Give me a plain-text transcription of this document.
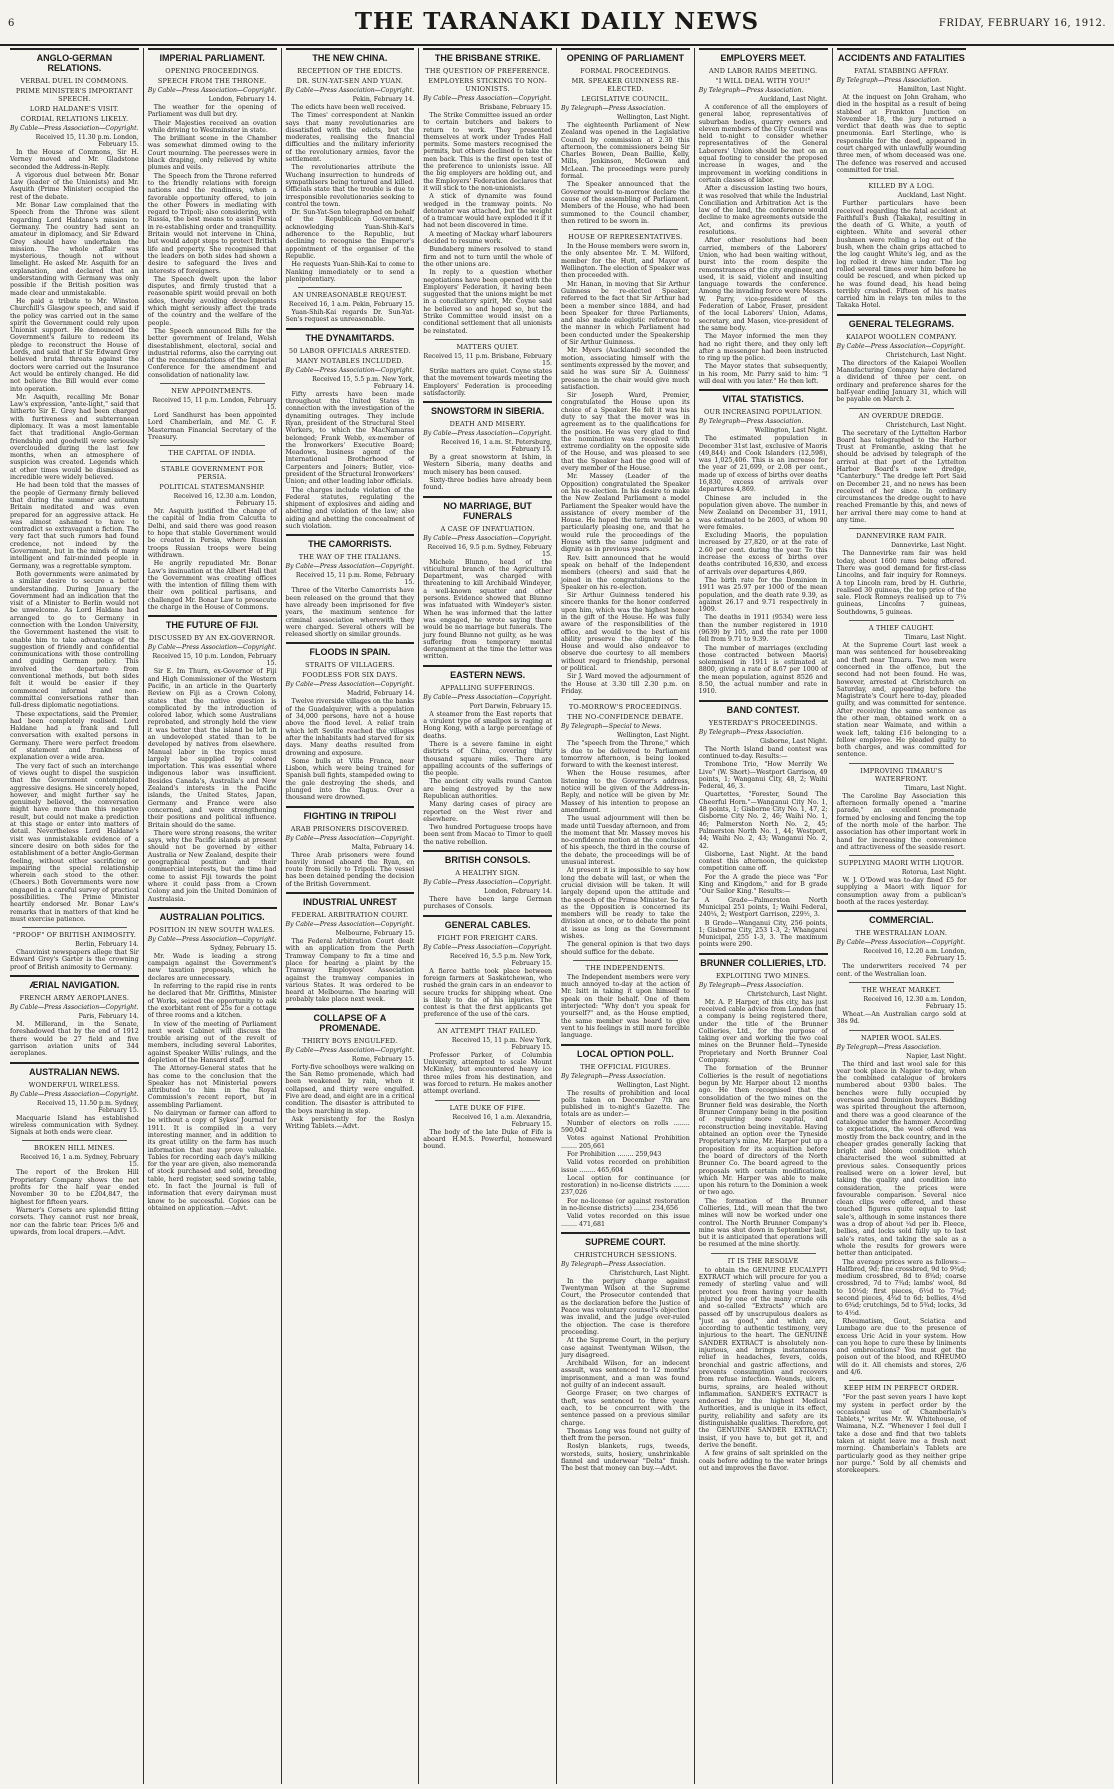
6	THE TARANAKI DAILY NEWS	FRIDAY, FEBRUARY 16, 1912.
ANGLO-GERMAN RELATIONS.
VERBAL DUEL IN COMMONS.
PRIME MINISTER'S IMPORTANT SPEECH.
LORD HALDANE'S VISIT.
CORDIAL RELATIONS LIKELY.
By Cable—Press Association—Copyright.
Received 15, 11.30 p.m. London, February 15.

In the House of Commons, Sir H. Verney moved and Mr. Gladstone seconded the Address-in-Reply.

A vigorous duel between Mr. Bonar Law (leader of the Unionists) and Mr. Asquith (Prime Minister) occupied the rest of the debate.

Mr. Bonar Law complained that the Speech from the Throne was silent regarding Lord Haldane's mission to Germany. The country had sent an amateur in diplomacy, and Sir Edward Grey should have undertaken the mission. The whole affair was mysterious, though not without limelight. He asked Mr. Asquith for an explanation, and declared that an understanding with Germany was only possible if the British position was made clear and unmistakable.

He paid a tribute to Mr. Winston Churchill's Glasgow speech, and said if the policy was carried out in the same spirit the Government could rely upon Unionist support. He denounced the Government's failure to redeem its pledge to reconstruct the House of Lords, and said that if Sir Edward Grey believed brutal threats against the doctors were carried out the Insurance Act would be entirely changed. He did not believe the Bill would ever come into operation.

Mr. Asquith, recalling Mr. Bonar Law's expression, "ante-light," said that hitherto Sir E. Grey had been charged with furtiveness and subterranean diplomacy. It was a most lamentable fact that traditional Anglo-German friendship and goodwill were seriously overclouded during the last few months, when an atmosphere of suspicion was created. Legends which at other times would be dismissed as incredible were widely believed.

He had been told that the masses of the people of Germany firmly believed that during the summer and autumn Britain meditated and was even prepared for an aggressive attack. He was almost ashamed to have to contradict so extravagant a fiction. The very fact that such rumors had found credence, not indeed by the Government, but in the minds of many intelligent and fair-minded people in Germany, was a regrettable symptom.

Both governments were animated by a similar desire to secure a better understanding. During January the Government had an indication that the visit of a Minister to Berlin would not be unwelcome. As Lord Haldane had arranged to go to Germany in connection with the London University, the Government hastened the visit to enable him to take advantage of the suggestion of friendly and confidential communications with those controlling and guiding German policy. This involved the departure from conventional methods, but both sides felt it would be easier if they commenced informal and non-committal conversations rather than full-dress diplomatic negotiations.

These expectations, said the Premier, had been completely realised. Lord Haldane had a frank and full conversation with exalted persons in Germany. There were perfect freedom of statement and frankness of explanation over a wide area.

The very fact of such an interchange of views ought to dispel the suspicion that the Government contemplated aggressive designs. He sincerely hoped, however, and might further say he genuinely believed, the conversation might have more than this negative result, but could not make a prediction at this stage or enter into matters of detail. Nevertheless Lord Haldane's visit was unmistakable evidence of a sincere desire on both sides for the establishment of a better Anglo-German feeling, without either sacrificing or impairing the special relationship wherein each stood to the other. (Cheers.) Both Governments were now engaged in a careful survey of practical possibilities. The Prime Minister heartily endorsed Mr. Bonar Law's remarks that in matters of that kind he must exercise patience.

"PROOF" OF BRITISH ANIMOSITY.
Berlin, February 14.

Chauvinist newspapers allege that Sir Edward Grey's Garter is the crowning proof of British animosity to Germany.

ÆRIAL NAVIGATION.
FRENCH ARMY AEROPLANES.
By Cable—Press Association—Copyright.
Paris, February 14.

M. Millerand, in the Senate, foreshadowed that by the end of 1912 there would be 27 field and five garrison aviation units of 344 aeroplanes.

AUSTRALIAN NEWS.
WONDERFUL WIRELESS.
By Cable—Press Association—Copyright.
Received 15, 11.50 p.m. Sydney, February 15.

Macquarie Island has established wireless communication with Sydney. Signals at both ends were clear.

BROKEN HILL MINES.
Received 16, 1 a.m. Sydney, February 15.

The report of the Broken Hill Proprietary Company shows the net profits for the half year ended November 30 to be £204,847, the highest for fifteen years.

Warner's Corsets are splendid fitting corsets. They cannot rust nor break, nor can the fabric tear. Prices 5/6 and upwards, from local drapers.—Advt.

IMPERIAL PARLIAMENT.
OPENING PROCEEDINGS.
SPEECH FROM THE THRONE.
By Cable—Press Association—Copyright.
London, February 14.

The weather for the opening of Parliament was dull but dry.

Their Majesties received an ovation while driving to Westminster in state.

The brilliant scene in the Chamber was somewhat dimmed owing to the Court mourning. The peeresses were in black draping, only relieved by white plumes and veils.

The Speech from the Throne referred to the friendly relations with foreign nations and the readiness, when a favorable opportunity offered, to join the other Powers in mediating with regard to Tripoli; also considering, with Russia, the best means to assist Persia in re-establishing order and tranquillity. Britain would not intervene in China, but would adopt steps to protect British life and property. She recognised that the leaders on both sides had shown a desire to safeguard the lives and interests of foreigners.

The Speech dwelt upon the labor disputes, and firmly trusted that a reasonable spirit would prevail on both sides, thereby avoiding developments which might seriously affect the trade of the country and the welfare of the people.

The Speech announced Bills for the better government of Ireland, Welsh disestablishment, electoral, social and industrial reforms, also the carrying out of the recommendations of the Imperial Conference for the amendment and consolidation of nationality law.

NEW APPOINTMENTS.
Received 15, 11 p.m. London, February 15.

Lord Sandhurst has been appointed Lord Chamberlain, and Mr. C. F. Masterman Financial Secretary of the Treasury.

THE CAPITAL OF INDIA.
STABLE GOVERNMENT FOR PERSIA.
POLITICAL STATESMANSHIP.
Received 16, 12.30 a.m. London, February 15.

Mr. Asquith justified the change of the capital of India from Calcutta to Delhi, and said there was good reason to hope that stable Government would be created in Persia, where Russian troops Russian troops were being withdrawn.

He angrily repudiated Mr. Bonar Law's insinuation at the Albert Hall that the Government was creating offices with the intention of filling them with their own political partisans, and challenged Mr. Bonar Law to prosecute the charge in the House of Commons.

THE FUTURE OF FIJI.
DISCUSSED BY AN EX-GOVERNOR.
By Cable—Press Association—Copyright.
Received 15, 10 p.m. London, February 15.

Sir E. Im Thurn, ex-Governor of Fiji and High Commissioner of the Western Pacific, in an article in the Quarterly Review on Fiji as a Crown Colony, states that the native question is complicated by the introduction of colored labor, which some Australians reprobated, and strongly held the view it was better that the island be left in an undeveloped stated than to be developed by natives from elsewhere. Manual labor in the tropics must largely be supplied by colored importation. This was essential where indigenous labor was insufficient. Besides Canada's, Australia's and New Zealand's interests in the Pacific islands, the United States, Japan, Germany and France were also concerned, and were strengthening their positions and political influence. Britain should do the same.

There were strong reasons, the writer says, why the Pacific islands at present should not be governed by either Australia or New Zealand, despite their geographical position and their commercial interests, but the time had come to assist Fiji towards the point where it could pass from a Crown Colony and join the United Dominion of Australasia.

AUSTRALIAN POLITICS.
POSITION IN NEW SOUTH WALES.
By Cable—Press Association—Copyright.
Sydney, February 15.

Mr. Wade is leading a strong campaign against the Government's new taxation proposals, which he declares are unnecessary.

In referring to the rapid rise in rents he declared that Mr. Griffiths, Minister of Works, seized the opportunity to ask the exorbitant rent of 25s for a cottage of three rooms and a kitchen.

In view of the meeting of Parliament next week Cabinet will discuss the trouble arising out of the revolt of members, including several Laborites, against Speaker Willis' rulings, and the depletion of the Hansard staff.

The Attorney-General states that he has come to the conclusion that the Speaker has not Ministerial powers attributed to him in the Royal Commission's recent report, but in assembling Parliament.

No dairyman or farmer can afford to be without a copy of Sykes' Journal for 1911. It is compiled in a very interesting manner, and in addition to its great utility on the farm has much information that may prove valuable. Tables for recording each day's milking for the year are given, also memoranda of stock purchased and sold, breeding table, herd register, seed sowing table, etc. In fact the Journal is full of information that every dairyman must know to be successful. Copies can be obtained on application.—Advt.

THE NEW CHINA.
RECEPTION OF THE EDICTS.
DR. SUN-YAT-SEN AND YUAN.
By Cable—Press Association—Copyright.
Pekin, February 14.

The edicts have been well received.

The Times' correspondent at Nankin says that many revolutionaries are dissatisfied with the edicts, but the moderates, realising the financial difficulties and the military inferiority of the revolutionary armies, favor the settlement.

The revolutionaries attribute the Wuchang insurrection to hundreds of sympathisers being tortured and killed. Officials state that the trouble is due to irresponsible revolutionaries seeking to control the town.

Dr. Sun-Yat-Sen telegraphed on behalf of the Republican Government, acknowledging Yuan-Shih-Kai's adherence to the Republic, but declining to recognise the Emperor's appointment of the organiser of the Republic.

He requests Yuan-Shih-Kai to come to Nanking immediately or to send a plenipotentiary.

AN UNREASONABLE REQUEST.
Received 16, 1 a.m. Pekin, February 15.

Yuan-Shih-Kai regards Dr. Sun-Yat-Sen's request as unreasonable.

THE DYNAMITARDS.
50 LABOR OFFICIALS ARRESTED.
MANY NOTABLES INCLUDED.
By Cable—Press Association—Copyright.
Received 15, 5.5 p.m. New York, February 14.

Fifty arrests have been made throughout the United States in connection with the investigation of the dynamiting outrages. They include Ryan, president of the Structural Steel Workers, to which the MacNamaras belonged; Frank Webb, ex-member of the Ironworkers' Executive Board; Meadows, business agent of the International Brotherhood of Carpenters and Joiners; Butler, vice-president of the Structural Ironworkers' Union; and other leading labor officials.

The charges include violation of the Federal statutes, regulating the shipment of explosives and aiding and abetting and violation of the law; also aiding and abetting the concealment of such violation.

THE CAMORRISTS.
THE WAY OF THE ITALIANS.
By Cable—Press Association—Copyright.
Received 15, 11 p.m. Rome, February 15.

Three of the Viterbo Camorrists have been released on the ground that they have already been imprisoned for five years, the maximum sentence for criminal association wherewith they were charged. Several others will be released shortly on similar grounds.

FLOODS IN SPAIN.
STRAITS OF VILLAGERS.
FOODLESS FOR SIX DAYS.
By Cable—Press Association—Copyright.
Madrid, February 14.

Twelve riverside villages on the banks of the Guadalquiver, with a population of 34,000 persons, have not a house above the flood level. A relief train which left Seville reached the villages after the inhabitants had starved for six days. Many deaths resulted from drowning and exposure.

Some bulls at Villa Franca, near Lisbon, which were being trained for Spanish bull fights, stampeded owing to the gale destroying the sheds, and plunged into the Tagus. Over a thousand were drowned.

FIGHTING IN TRIPOLI
ARAB PRISONERS DISCOVERED.
By Cable—Press Association—Copyright.
Malta, February 14.

Three Arab prisoners were found heavily ironed aboard the Ryan, en route from Sicily to Tripoli. The vessel has been detained pending the decision of the British Government.

INDUSTRIAL UNREST
FEDERAL ARBITRATION COURT.
By Cable—Press Association—Copyright.
Melbourne, February 15.

The Federal Arbitration Court dealt with an application from the Perth Tramway Company to fix a time and place for hearing a plaint by the Tramway Employees' Association against the tramway companies in various States. It was ordered to be heard at Melbourne. The hearing will probably take place next week.

COLLAPSE OF A PROMENADE.
THIRTY BOYS ENGULFED.
By Cable—Press Association—Copyright.
Rome, February 15.

Forty-five schoolboys were walking on the San Remo promenade, which had been weakened by rain, when it collapsed, and thirty were engulfed. Five are dead, and eight are in a critical condition. The disaster is attributed to the boys marching in step.

Ask persistently for the Roslyn Writing Tablets.—Advt.

THE BRISBANE STRIKE.
THE QUESTION OF PREFERENCE.
EMPLOYERS STICKING TO NON-UNIONISTS.
By Cable—Press Association—Copyright.
Brisbane, February 15.

The Strike Committee issued an order to certain butchers and bakers to return to work. They presented themselves at work under Trades Hall permits. Some masters recognised the permits, but others declined to take the men back. This is the first open test of the preference to unionists issue. All the big employers are holding out, and the Employers' Federation declares that it will stick to the non-unionists.

A stick of dynamite was found wedged in the tramway points. No detonator was attached, but the weight of a tramcar would have exploded it if it had not been discovered in time.

A meeting of Mackay wharf labourers decided to resume work.

Bundaberg miners resolved to stand firm and not to turn until the whole of the other unions are.

In reply to a question whether negotiations have been opened with the Employers' Federation, it having been suggested that the unions might be met in a conciliatory spirit, Mr. Coyne said he believed so and hoped so, but the Strike Committee would insist on a conditional settlement that all unionists be reinstated.

MATTERS QUIET.
Received 15, 11 p.m. Brisbane, February 15.

Strike matters are quiet. Coyne states that the movement towards meeting the Employers' Federation is proceeding satisfactorily.

SNOWSTORM IN SIBERIA.
DEATH AND MISERY.
By Cable—Press Association—Copyright.
Received 16, 1 a.m. St. Petersburg, February 15.

By a great snowstorm at Ishim, in Western Siberia, many deaths and much misery has been caused.

Sixty-three bodies have already been found.

NO MARRIAGE, BUT FUNERALS
A CASE OF INFATUATION.
By Cable—Press Association—Copyright.
Received 16, 9.5 p.m. Sydney, February 15.

Michele Blunno, head of the viticultural branch of the Agricultural Department, was charged with threatening to kill Archibald Windeyer, a well-known squatter and other persons. Evidence showed that Blunno was infatuated with Windeyer's sister. When he was informed that the latter was engaged, he wrote saying there would be no marriage but funerals. The jury found Blunno not guilty, as he was suffering from temporary mental derangement at the time the letter was written.

EASTERN NEWS.
APPALLING SUFFERINGS.
By Cable—Press Association—Copyright.
Port Darwin, February 15.

A steamer from the East reports that a virulent type of smallpox is raging at Hong Kong, with a large percentage of deaths.

There is a severe famine in eight districts of China, covering thirty thousand square miles. There are appalling accounts of the sufferings of the people.

The ancient city walls round Canton are being destroyed by the new Republican authorities.

Many daring cases of piracy are reported on the West river and elsewhere.

Two hundred Portuguese troops have been sent from Macao to Timor to quell the native rebellion.

BRITISH CONSOLS.
A HEALTHY SIGN.
By Cable—Press Association—Copyright.
London, February 14.

There have been large German purchases of Consols.

GENERAL CABLES.
FIGHT FOR FREIGHT CARS.
By Cable—Press Association—Copyright.
Received 16, 5.5 p.m. New York, February 15.

A fierce battle took place between foreign farmers at Saskatchewan, who rushed the grain cars in an endeavor to secure trucks for shipping wheat. One is likely to die of his injuries. The contest is that the first applicants get preference of the use of the cars.

AN ATTEMPT THAT FAILED.
Received 15, 11 p.m. New York, February 15.

Professor Parker, of Columbia University, attempted to scale Mount McKinley, but encountered heavy ice three miles from his destination, and was forced to return. He makes another attempt overland.

LATE DUKE OF FIFE.
Received 16, 1 a.m. Alexandria, February 15.

The body of the late Duke of Fife is aboard H.M.S. Powerful, homeward bound.

OPENING OF PARLIAMENT
FORMAL PROCEEDINGS.
MR. SPEAKER GUINNESS RE-ELECTED.
LEGISLATIVE COUNCIL.
By Telegraph—Press Association.
Wellington, Last Night.

The eighteenth Parliament of New Zealand was opened in the Legislative Council by commission at 2.30 this afternoon, the commissioners being Sir Charles Bowen, Dean Baillie, Kelly, Mills, Jenkinson, McGowan and McLean. The proceedings were purely formal.

The Speaker announced that the Governor would to-morrow declare the cause of the assembling of Parliament. Members of the House, who had been summoned to the Council chamber, then retired to be sworn in.

HOUSE OF REPRESENTATIVES.

In the House members were sworn in, the only absentee Mr. T. M. Wilford, member for the Hutt, and Mayor of Wellington. The election of Speaker was then proceeded with.

Mr. Hanan, in moving that Sir Arthur Guinness be re-elected Speaker, referred to the fact that Sir Arthur had been a member since 1884, and had been Speaker for three Parliaments, and also made eulogistic reference to the manner in which Parliament had been conducted under the Speakership of Sir Arthur Guinness.

Mr. Myers (Auckland) seconded the motion, associating himself with the sentiments expressed by the mover, and said he was sure Sir A. Guinness' presence in the chair would give much satisfaction.

Sir Joseph Ward, Premier, congratulated the House upon its choice of a Speaker. He felt it was his duty to say that the mover was in agreement as to the qualifications for the position. He was very glad to find the nomination was received with extreme cordiality on the opposite side of the House, and was pleased to see that the Speaker had the good will of every member of the House.

Mr. Massey (Leader of the Opposition) congratulated the Speaker on his re-election. In his desire to make the New Zealand Parliament a model Parliament the Speaker would have the assistance of every member of the House. He hoped the term would be a particularly pleasing one, and that he would rule the proceedings of the House with the same judgment and dignity as in previous years.

Rev. Isitt announced that he would speak on behalf of the Independent members (cheers) and said that he joined in the congratulations to the Speaker on his re-election.

Sir Arthur Guinness tendered his sincere thanks for the honor conferred upon him, which was the highest honor in the gift of the House. He was fully aware of the responsibilities of the office, and would to the best of his ability preserve the dignity of the House and would also endeavor to observe due courtesy to all members without regard to friendship, personal or political.

Sir J. Ward moved the adjournment of the House at 3.30 till 2.30 p.m. on Friday.

TO-MORROW'S PROCEEDINGS.
THE NO-CONFIDENCE DEBATE.
By Telegraph—Special to News.
Wellington, Last Night.

The "speech from the Throne," which is due to be delivered to Parliament tomorrow afternoon, is being looked forward to with the keenest interest.

When the House resumes, after listening to the Governor's address, notice will be given of the Address-in-Reply, and notice will be given by Mr. Massey of his intention to propose an amendment.

The usual adjournment will then be made until Tuesday afternoon, and from the moment that Mr. Massey moves his no-confidence motion at the conclusion of his speech, the third in the course of the debate, the proceedings will be of unusual interest.

At present it is impossible to say how long the debate will last, or when the crucial division will be taken. It will largely depend upon the attitude and the speech of the Prime Minister. So far as the Opposition is concerned its members will be ready to take the division at once, or to debate the point at issue as long as the Government wishes.

The general opinion is that two days should suffice for the debate.

THE INDEPENDENTS.

The Independent members were very much annoyed to-day at the action of Mr. Isitt in taking it upon himself to speak on their behalf. One of them interjected: "Why don't you speak for yourself?" and, as the House emptied, the same member was heard to give vent to his feelings in still more forcible language.

LOCAL OPTION POLL.
THE OFFICIAL FIGURES.
By Telegraph—Press Association.
Wellington, Last Night.

The results of prohibition and local polls taken on December 7th are published in to-night's Gazette. The totals are as under:—

Number of electors on rolls ........ 590,042

Votes against National Prohibition ........ 205,661

For Prohibition ........ 259,943

Valid votes recorded on prohibition issue ........ 465,604

Local option for continuance (or restoration) in no-license districts ........ 237,026

For no-license (or against restoration in no-license districts) ........ 234,656

Valid votes recorded on this issue ........ 471,681

SUPREME COURT.
CHRISTCHURCH SESSIONS.
By Telegraph—Press Association.
Christchurch, Last Night.

In the perjury charge against Twentyman Wilson at the Supreme Court, the Prosecutor contended that as the declaration before the Justice of Peace was voluntary counsel's objection was invalid, and the judge over-ruled the objection. The case is therefore proceeding.

At the Supreme Court, in the perjury case against Twentyman Wilson, the jury disagreed.

Archibald Wilson, for an indecent assault, was sentenced to 12 months' imprisonment, and a man was found not guilty of an indecent assault.

George Fraser, on two charges of theft, was sentenced to three years each, to be concurrent with the sentence passed on a previous similar charge.

Thomas Long was found not guilty of theft from the person.

Roslyn blankets, rugs, tweeds, worsteds, suits, hosiery, unshrinkable flannel and underwear "Delta" finish. The best that money can buy.—Advt.

EMPLOYERS MEET.
AND LABOR RAIDS MEETING.
"I WILL DEAL WITH YOU!"
By Telegraph—Press Association.
Auckland, Last Night.

A conference of all the employers of general labor, representatives of suburban bodies, quarry owners and eleven members of the City Council was held to-night to consider whether representatives of the General Laborers' Union should be met on an equal footing to consider the proposed increase in wages, and the improvement in working conditions in certain classes of labor.

After a discussion lasting two hours, it was resolved that while the Industrial Conciliation and Arbitration Act is the law of the land, the conference would decline to make agreements outside the Act, and confirms its previous resolutions.

After other resolutions had been carried, members of the Laborers' Union, who had been waiting without, burst into the room despite the remonstrances of the city engineer, and used, it is said, violent and insulting language towards the conference. Among the invading force were Messrs. W. Parry, vice-president of the Federation of Labor, Fraser, president of the local Laborers' Union, Adams, secretary, and Mason, vice-president of the same body.

The Mayor informed the men they had no right there, and they only left after a messenger had been instructed to ring up the police.

The Mayor states that subsequently, in his room, Mr. Parry said to him: "I will deal with you later." He then left.

VITAL STATISTICS.
OUR INCREASING POPULATION.
By Telegraph—Press Association.
Wellington, Last Night.

The estimated population in December 31st last, exclusive of Maoris (49,844) and Cook Islanders (12,598), was 1,025,406. This is an increase for the year of 21,699, or 2.08 per cent., made up of excess of births over deaths 16,830, excess of arrivals over departures 4,869.

Chinese are included in the population given above. The number in New Zealand on December 31, 1911, was estimated to be 2603, of whom 90 were females.

Excluding Maoris, the population increased by 27,820, or at the rate of 2.60 per cent. during the year. To this increase the excess of births over deaths contributed 16,830, and excess of arrivals over departures 4,869.

The birth rate for the Dominion in 1911 was 25.97 per 1000 of the mean population, and the death rate 9.39, as against 26.17 and 9.71 respectively in 1909.

The deaths in 1911 (9534) were less than the number registered in 1910 (9639) by 105, and the rate per 1000 fell from 9.71 to 9.39.

The number of marriages (excluding those contracted between Maoris) solemnised in 1911 is estimated at 8800, giving a rate of 8.67 per 1000 of the mean population, against 8526 and 8.50, the actual number and rate in 1910.

BAND CONTEST.
YESTERDAY'S PROCEEDINGS.
By Telegraph—Press Association.
Gisborne, Last Night.

The North Island band contest was continued to-day. Results:—

Trombone Trio, "How Merrily We Live" (W. Short)—Westport Garrison, 49 points, 1; Wanganui City, 48, 2; Waihi Federal, 46, 3.

Quartettes, "Forester, Sound The Cheerful Horn."—Wanganui City No. 1, 48 points, 1; Gisborne City No. 1, 47, 2; Gisborne City No. 2, 46; Waihi No. 1, 46; Palmerston North No. 2, 45; Palmerston North No. 1, 44; Westport, 44; Waihi No. 2, 43; Wanganui No. 2, 42.

Gisborne, Last Night. At the band contest this afternoon, the quickstep competition came off.

For the A grade the piece was "For King and Kingdom," and for B grade "Our Sailor King." Results:—

A Grade—Palmerston North Municipal 251 points, 1; Waihi Federal, 240¼, 2; Westport Garrison, 229½, 3.

B Grade—Wanganui City, 256 points, 1; Gisborne City, 253 1-3, 2; Whangarei Municipal, 255 1-3, 3. The maximum points were 290.

BRUNNER COLLIERIES, LTD.
EXPLOITING TWO MINES.
By Telegraph—Press Association.
Christchurch, Last Night.

Mr. A. P. Harper, of this city, has just received cable advice from London that a company is being registered there, under the title of the Brunner Collieries, Ltd., for the purpose of taking over and working the two coal mines on the Brunner field—Tyneside Proprietary and North Brunner Coal Company.

The formation of the Brunner Collieries is the result of negotiations begun by Mr. Harper about 12 months ago. He then recognised that the consolidation of the two mines on the Brunner field was desirable, the North Brunner Company being in the position of requiring more capital, and reconstruction being inevitable. Having obtained an option over the Tyneside Proprietary's mine, Mr. Harper put up a proposition for its acquisition before the board of directors of the North Brunner Co. The board agreed to the proposals with certain modifications, which Mr. Harper was able to make upon his return to the Dominion a week or two ago.

The formation of the Brunner Collieries, Ltd., will mean that the two mines will now be worked under one control. The North Brunner Company's mine was shut down in September last, but it is anticipated that operations will be resumed at the mine shortly.

IT IS THE RESOLVE

to obtain the GENUINE EUCALYPTI EXTRACT which will procure for you a remedy of sterling value and will protect you from having your health injured by one of the many crude oils and so-called "Extracts" which are passed off by unscrupulous dealers as "just as good," and which are, according to authentic testimony, very injurious to the heart. The GENUINE SANDER EXTRACT is absolutely non-injurious, and brings instantaneous relief in headaches, fevers, colds, bronchial and gastric affections, and prevents consumption and recovers from refuse infection. Wounds, ulcers, burns, sprains, are healed without inflammation. SANDER'S EXTRACT is endorsed by the highest Medical Authorities, and is unique in its effect, purity, reliability and safety are its distinguishable qualities. Therefore, get the GENUINE SANDER EXTRACT; insist, if you have to, but get it, and derive the benefit.

A few grains of salt sprinkled on the coals before adding to the water brings out and improves the flavor.

ACCIDENTS AND FATALITIES
FATAL STABBING AFFRAY.
By Telegraph—Press Association.
Hamilton, Last Night.

At the inquest on John Graham, who died in the hospital as a result of being stabbed at Frankton Junction on November 18, the jury returned a verdict that death was due to septic pneumonia. Earl Sterlinge, who is responsible for the deed, appeared in court charged with unlawfully wounding three men, of whom deceased was one. The defence was reserved and accused committed for trial.

KILLED BY A LOG.
Auckland, Last Night.

Further particulars have been received regarding the fatal accident at Faithfull's Bush (Takaka), resulting in the death of G. White, a youth of eighteen. White and several other bushmen were rolling a log out of the bush, when the chain grips attached to the log caught White's leg, and as the log rolled it drew him under. The log rolled several times over him before he could be rescued, and when picked up he was found dead, his head being terribly crushed. Fifteen of his mates carried him in relays ten miles to the Takaka Hotel.

GENERAL TELEGRAMS.
KAIAPOI WOOLLEN COMPANY.
By Cable—Press Association—Copyright.
Christchurch, Last Night.

The directors of the Kaiapoi Woollen Manufacturing Company have declared a dividend of three per cent. on ordinary and preference shares for the half-year ending January 31, which will be payable on March 2.

AN OVERDUE DREDGE.
Christchurch, Last Night.

The secretary of the Lyttelton Harbor Board has telegraphed to the Harbor Trust at Fremantle, asking that he should be advised by telegraph of the arrival at that port of the Lyttelton Harbor Board's new dredge, "Canterbury." The dredge left Port Said on December 21, and no news has been received of her since. In ordinary circumstances the dredge ought to have reached Fremantle by this, and news of her arrival there may come to hand at any time.

DANNEVIRKE RAM FAIR.
Dannevirke, Last Night.

The Dannevirke ram fair was held today, about 1600 rams being offered. There was good demand for first-class Lincolns, and fair inquiry for Romneys. A top Lincoln ram, bred by H. Guthrie, realised 30 guineas, the top price of the sale. Flock Romneys realised up to 7¼ guineas, Lincolns 7 guineas, Southdowns, 5 guineas.

A THIEF CAUGHT.
Timaru, Last Night.

At the Supreme Court last week a man was sentenced for housebreaking and theft near Timaru. Two men were concerned in the offence, but the second had not been found. He was, however, arrested at Christchurch on Saturday, and, appearing before the Magistrate's Court here to-day, pleaded guilty, and was committed for sentence. After receiving the same sentence as the other man, obtained work on a station near Waimate, and within a week left, taking £16 belonging to a fellow employee. He pleaded guilty to both charges, and was committed for sentence.

IMPROVING TIMARU'S WATERFRONT.
Timaru, Last Night.

The Caroline Bay Association this afternoon formally opened a "marine parade," an excellent promenade formed by enclosing and fencing the top of the north mole of the harbor. The association has other important work in hand for increasing the convenience and attractiveness of the seaside resort.

SUPPLYING MAORI WITH LIQUOR.
Rotorua, Last Night.

W. J. O'Dowd was to-day fined £5 for supplying a Maori with liquor for consumption away from a publican's booth at the races yesterday.

COMMERCIAL.
THE WESTRALIAN LOAN.
By Cable—Press Association—Copyright.
Received 16, 12.20 a.m. London, February 15.

The underwriters received 74 per cent. of the Westralian loan.

THE WHEAT MARKET.
Received 16, 12.30 a.m. London, February 15.

Wheat.—An Australian cargo sold at 38s 9d.

NAPIER WOOL SALES.
By Telegraph—Press Association.
Napier, Last Night.

The third and last wool sale for this year took place in Napier to-day, when the combined catalogue of brokers numbered about 9300 bales. The benches were fully occupied by overseas and Dominion buyers. Bidding was spirited throughout the afternoon, and there was a good clearance of the catalogue under the hammer. According to expectations, the wool offered was mostly from the back country, and in the cheaper grades generally lacking that bright and bloom condition which characterised the wool submitted at previous sales. Consequently prices realised were on a lower level, but taking the quality and condition into consideration, the prices were favourable comparison. Several nice clean clips were offered, and these touched figures quite equal to last sale's, although in some instances there was a drop of about ¼d per lb. Fleece, bellies, and locks sold fully up to last sale's rates, and taking the sale as a whole the results for growers were better than anticipated.

The average prices were as follows:—Halfbred, 9d; fine crossbred, 9d to 9¾d; medium crossbred, 8d to 8¾d; coarse crossbred, 7d to 7¾d; lambs' wool, 8d to 10½d; first pieces, 6½d to 7¾d; second pieces, 4¾d to 6d; bellies, 4½d to 6¾d; crutchings, 5d to 5¾d; locks, 3d to 4½d.

Rheumatism, Gout, Sciatica and Lumbago are due to the presence of excess Uric Acid in your system. How can you hope to cure these by liniments and embrocations? You must get the poison out of the blood, and RHEUMO will do it. All chemists and stores, 2/6 and 4/6.

KEEP HIM IN PERFECT ORDER.

"For the past seven years I have kept my system in perfect order by the occasional use of Chamberlain's Tablets," writes Mr. W. Whitehouse, of Waimana, N.Z. "Whenever I feel dull I take a dose and find that two tablets taken at night leave me a fresh next morning. Chamberlain's Tablets are particularly good as they neither gripe nor purge." Sold by all chemists and storekeepers.
